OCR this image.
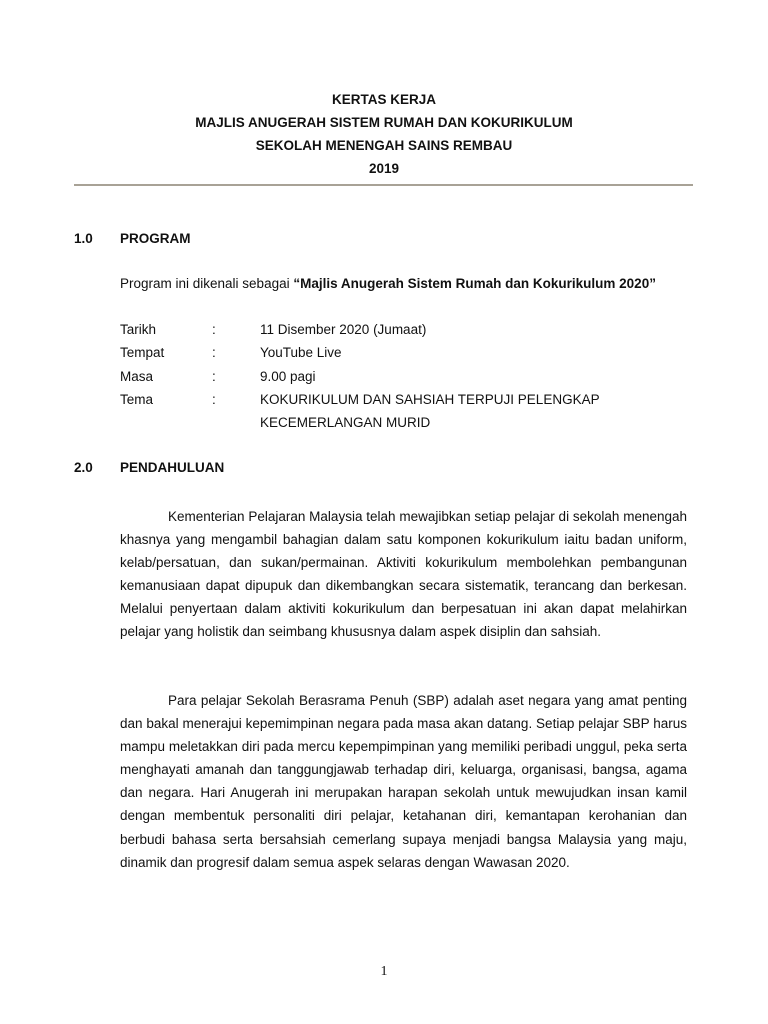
KERTAS KERJA
MAJLIS ANUGERAH SISTEM RUMAH DAN KOKURIKULUM
SEKOLAH MENENGAH SAINS REMBAU
2019
1.0 PROGRAM
Program ini dikenali sebagai “Majlis Anugerah Sistem Rumah dan Kokurikulum 2020”
Tarikh	:	11 Disember 2020 (Jumaat)
Tempat	:	YouTube Live
Masa	:	9.00 pagi
Tema	:	KOKURIKULUM DAN SAHSIAH TERPUJI PELENGKAP
KECEMERLANGAN MURID
2.0 PENDAHULUAN

Kementerian Pelajaran Malaysia telah mewajibkan setiap pelajar di sekolah menengah khasnya yang mengambil bahagian dalam satu komponen kokurikulum iaitu badan uniform, kelab/persatuan, dan sukan/permainan. Aktiviti kokurikulum membolehkan pembangunan kemanusiaan dapat dipupuk dan dikembangkan secara sistematik, terancang dan berkesan. Melalui penyertaan dalam aktiviti kokurikulum dan berpesatuan ini akan dapat melahirkan pelajar yang holistik dan seimbang khususnya dalam aspek disiplin dan sahsiah.

Para pelajar Sekolah Berasrama Penuh (SBP) adalah aset negara yang amat penting dan bakal menerajui kepemimpinan negara pada masa akan datang. Setiap pelajar SBP harus mampu meletakkan diri pada mercu kepempimpinan yang memiliki peribadi unggul, peka serta menghayati amanah dan tanggungjawab terhadap diri, keluarga, organisasi, bangsa, agama dan negara. Hari Anugerah ini merupakan harapan sekolah untuk mewujudkan insan kamil dengan membentuk personaliti diri pelajar, ketahanan diri, kemantapan kerohanian dan berbudi bahasa serta bersahsiah cemerlang supaya menjadi bangsa Malaysia yang maju, dinamik dan progresif dalam semua aspek selaras dengan Wawasan 2020.

1
